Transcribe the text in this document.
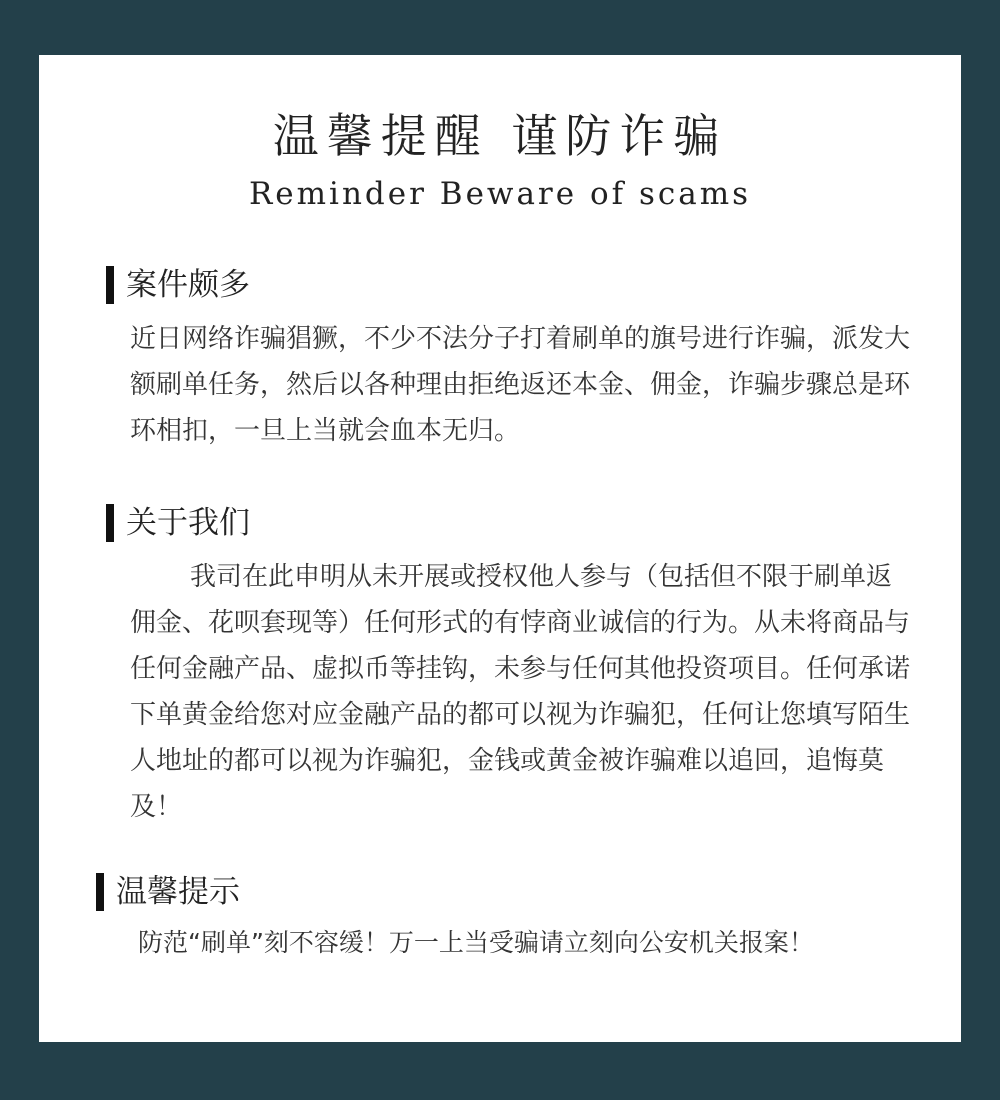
温馨提醒 谨防诈骗
Reminder Beware of scams
案件颇多

近日网络诈骗猖獗，不少不法分子打着刷单的旗号进行诈骗，派发大额刷单任务，然后以各种理由拒绝返还本金、佣金，诈骗步骤总是环环相扣，一旦上当就会血本无归。

关于我们

我司在此申明从未开展或授权他人参与（包括但不限于刷单返佣金、花呗套现等）任何形式的有悖商业诚信的行为。从未将商品与任何金融产品、虚拟币等挂钩，未参与任何其他投资项目。任何承诺下单黄金给您对应金融产品的都可以视为诈骗犯，任何让您填写陌生人地址的都可以视为诈骗犯，金钱或黄金被诈骗难以追回，追悔莫及！

温馨提示
防范“刷单”刻不容缓！万一上当受骗请立刻向公安机关报案！
